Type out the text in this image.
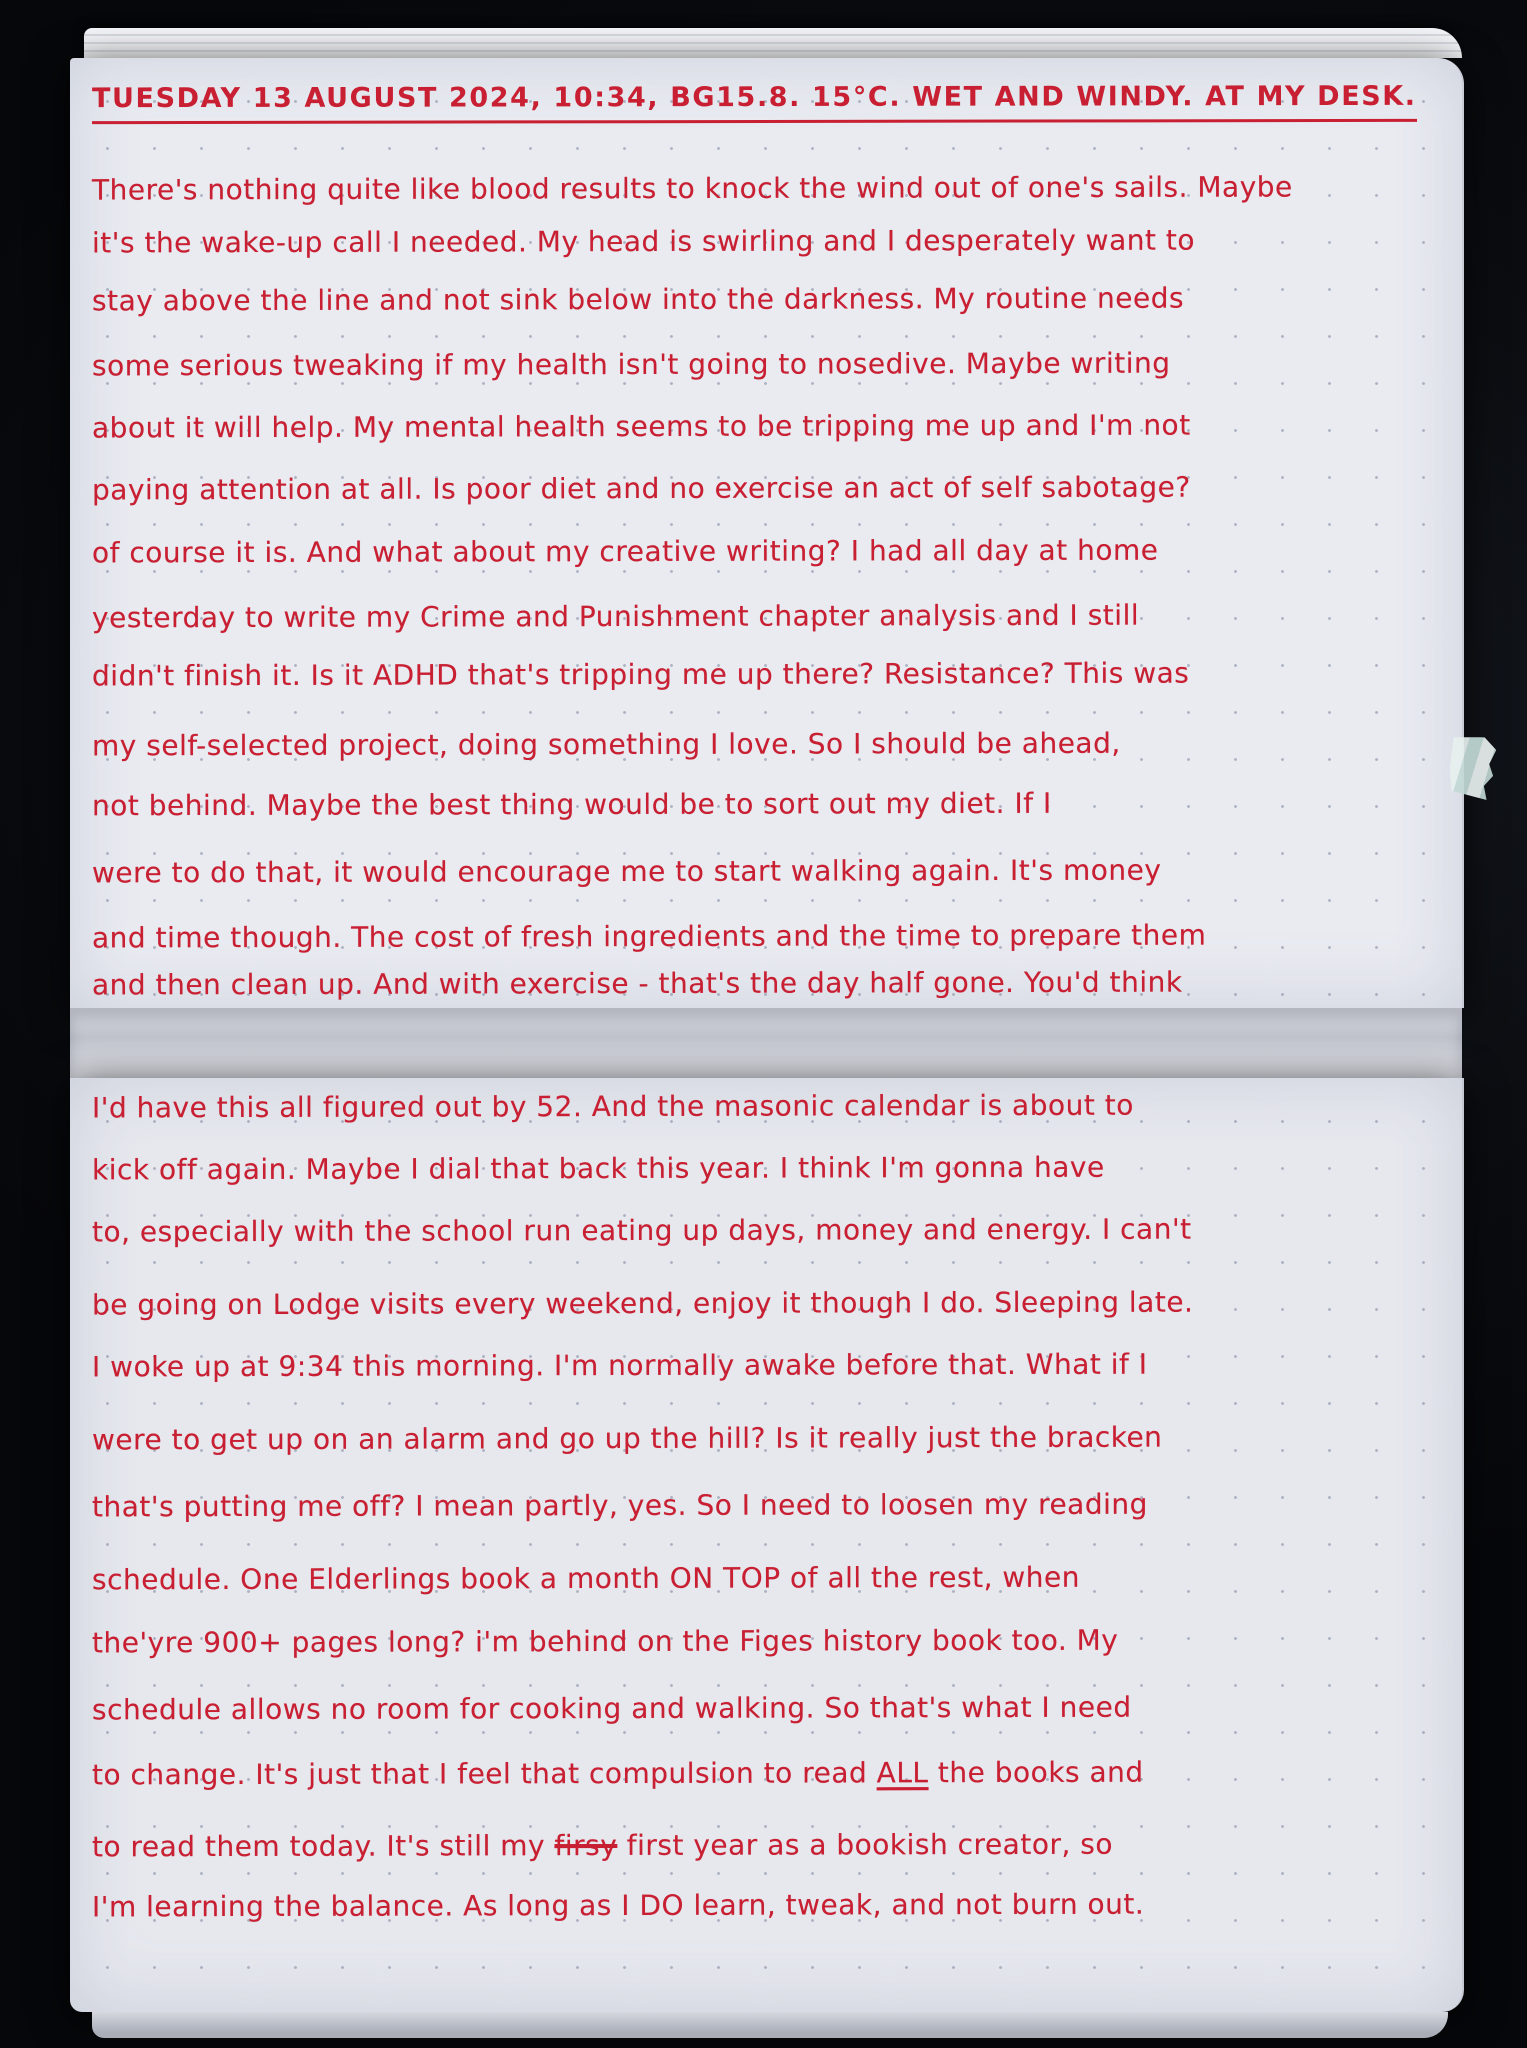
TUESDAY 13 AUGUST 2024, 10:34, BG15.8. 15°C. WET AND WINDY. AT MY DESK.
There's nothing quite like blood results to knock the wind out of one's sails. Maybe
it's the wake-up call I needed. My head is swirling and I desperately want to
stay above the line and not sink below into the darkness. My routine needs
some serious tweaking if my health isn't going to nosedive. Maybe writing
about it will help. My mental health seems to be tripping me up and I'm not
paying attention at all. Is poor diet and no exercise an act of self sabotage?
of course it is. And what about my creative writing? I had all day at home
yesterday to write my Crime and Punishment chapter analysis and I still
didn't finish it. Is it ADHD that's tripping me up there? Resistance? This was
my self-selected project, doing something I love. So I should be ahead,
not behind. Maybe the best thing would be to sort out my diet. If I
were to do that, it would encourage me to start walking again. It's money
and time though. The cost of fresh ingredients and the time to prepare them
and then clean up. And with exercise - that's the day half gone. You'd think
I'd have this all figured out by 52. And the masonic calendar is about to
kick off again. Maybe I dial that back this year. I think I'm gonna have
to, especially with the school run eating up days, money and energy. I can't
be going on Lodge visits every weekend, enjoy it though I do. Sleeping late.
I woke up at 9:34 this morning. I'm normally awake before that. What if I
were to get up on an alarm and go up the hill? Is it really just the bracken
that's putting me off? I mean partly, yes. So I need to loosen my reading
schedule. One Elderlings book a month ON TOP of all the rest, when
the'yre 900+ pages long? i'm behind on the Figes history book too. My
schedule allows no room for cooking and walking. So that's what I need
to change. It's just that I feel that compulsion to read ALL the books and
to read them today. It's still my firsy first year as a bookish creator, so
I'm learning the balance. As long as I DO learn, tweak, and not burn out.
